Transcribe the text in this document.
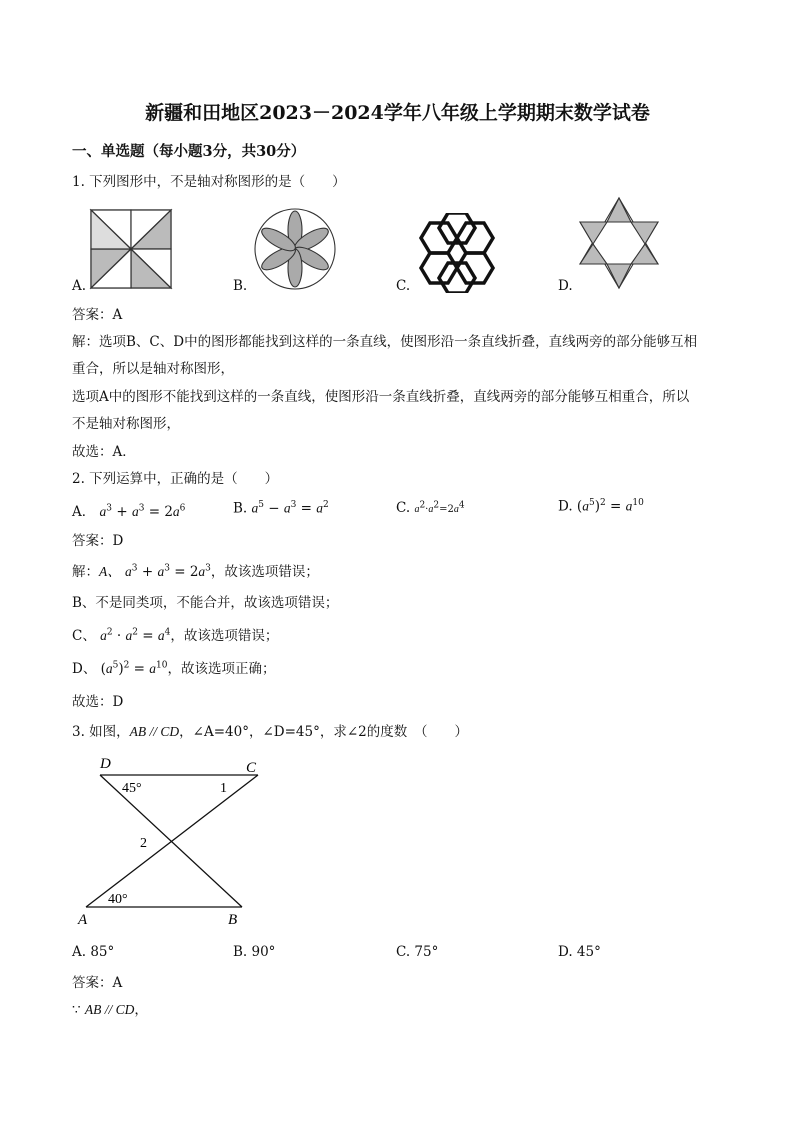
新疆和田地区2023－2024学年八年级上学期期末数学试卷
一、单选题（每小题3分，共30分）
1. 下列图形中，不是轴对称图形的是（　　）
A.	B.	C.	D.
答案：A
解：选项B、C、D中的图形都能找到这样的一条直线，使图形沿一条直线折叠，直线两旁的部分能够互相
重合，所以是轴对称图形，
选项A中的图形不能找到这样的一条直线，使图形沿一条直线折叠，直线两旁的部分能够互相重合，所以
不是轴对称图形，
故选：A．
2. 下列运算中，正确的是（　　）
A． $a^3 + a^3 = 2a^6$	B. $a^5 - a^3 = a^2$	C. $a^2\cdot a^2=2a^4$	D. $(a^5)^2 = a^{10}$
答案：D
解：A、 $a^3 + a^3 = 2a^3$，故该选项错误；
B、不是同类项，不能合并，故该选项错误；
C、 $a^2 \cdot a^2 = a^4$，故该选项错误；
D、 $(a^5)^2 = a^{10}$，故该选项正确；
故选：D
3. 如图，AB // CD，∠A=40°，∠D=45°，求∠2的度数　（　　）
D	C
A	B
45°	1
2
40°
A. 85°	B. 90°	C. 75°	D. 45°
答案：A
∵ AB // CD，
